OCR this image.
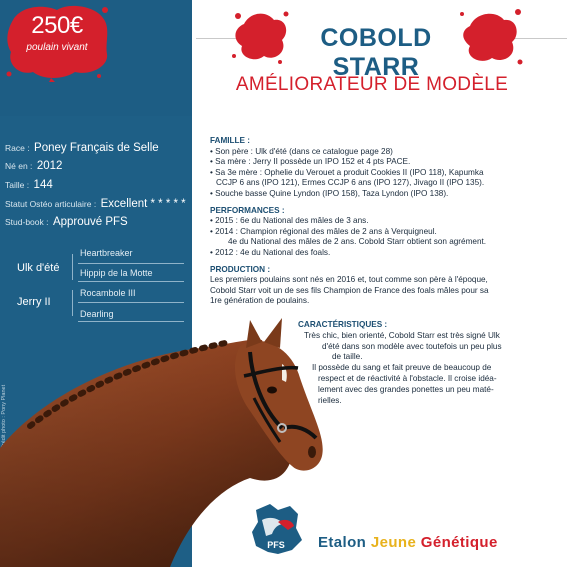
250€
poulain vivant
Race : Poney Français de Selle
Né en : 2012
Taille : 144
Statut Ostéo articulaire : Excellent * * * * *
Stud-book : Approuvé PFS
Ulk d'été
Jerry II
Heartbreaker
Hippip de la Motte
Rocambole III
Dearling
Crédit photo : Pony Planet
COBOLD STARR
AMÉLIORATEUR DE MODÈLE
FAMILLE :
• Son père : Ulk d'été (dans ce catalogue page 28)
• Sa mère : Jerry II possède un IPO 152 et 4 pts PACE.
• Sa 3e mère : Ophelie du Verouet a produit Cookies II (IPO 118), Kapumka
CCJP 6 ans (IPO 121), Ermes CCJP 6 ans (IPO 127), Jivago II (IPO 135).
• Souche basse Quine Lyndon (IPO 158), Taza Lyndon (IPO 138).
PERFORMANCES :
• 2015 : 6e du National des mâles de 3 ans.
• 2014 : Champion régional des mâles de 2 ans à Verquigneul.
4e du National des mâles de 2 ans. Cobold Starr obtient son agrément.
• 2012 : 4e du National des foals.
PRODUCTION :
Les premiers poulains sont nés en 2016 et, tout comme son père à l'époque,
Cobold Starr voit un de ses fils Champion de France des foals mâles pour sa
1re génération de poulains.
CARACTÉRISTIQUES :
Très chic, bien orienté, Cobold Starr est très signé Ulk
d'été dans son modèle avec toutefois un peu plus
de taille.
Il possède du sang et fait preuve de beaucoup de
respect et de réactivité à l'obstacle. Il croise idéa-
lement avec des grandes ponettes un peu maté-
rielles.
PFS Etalon Jeune Génétique
